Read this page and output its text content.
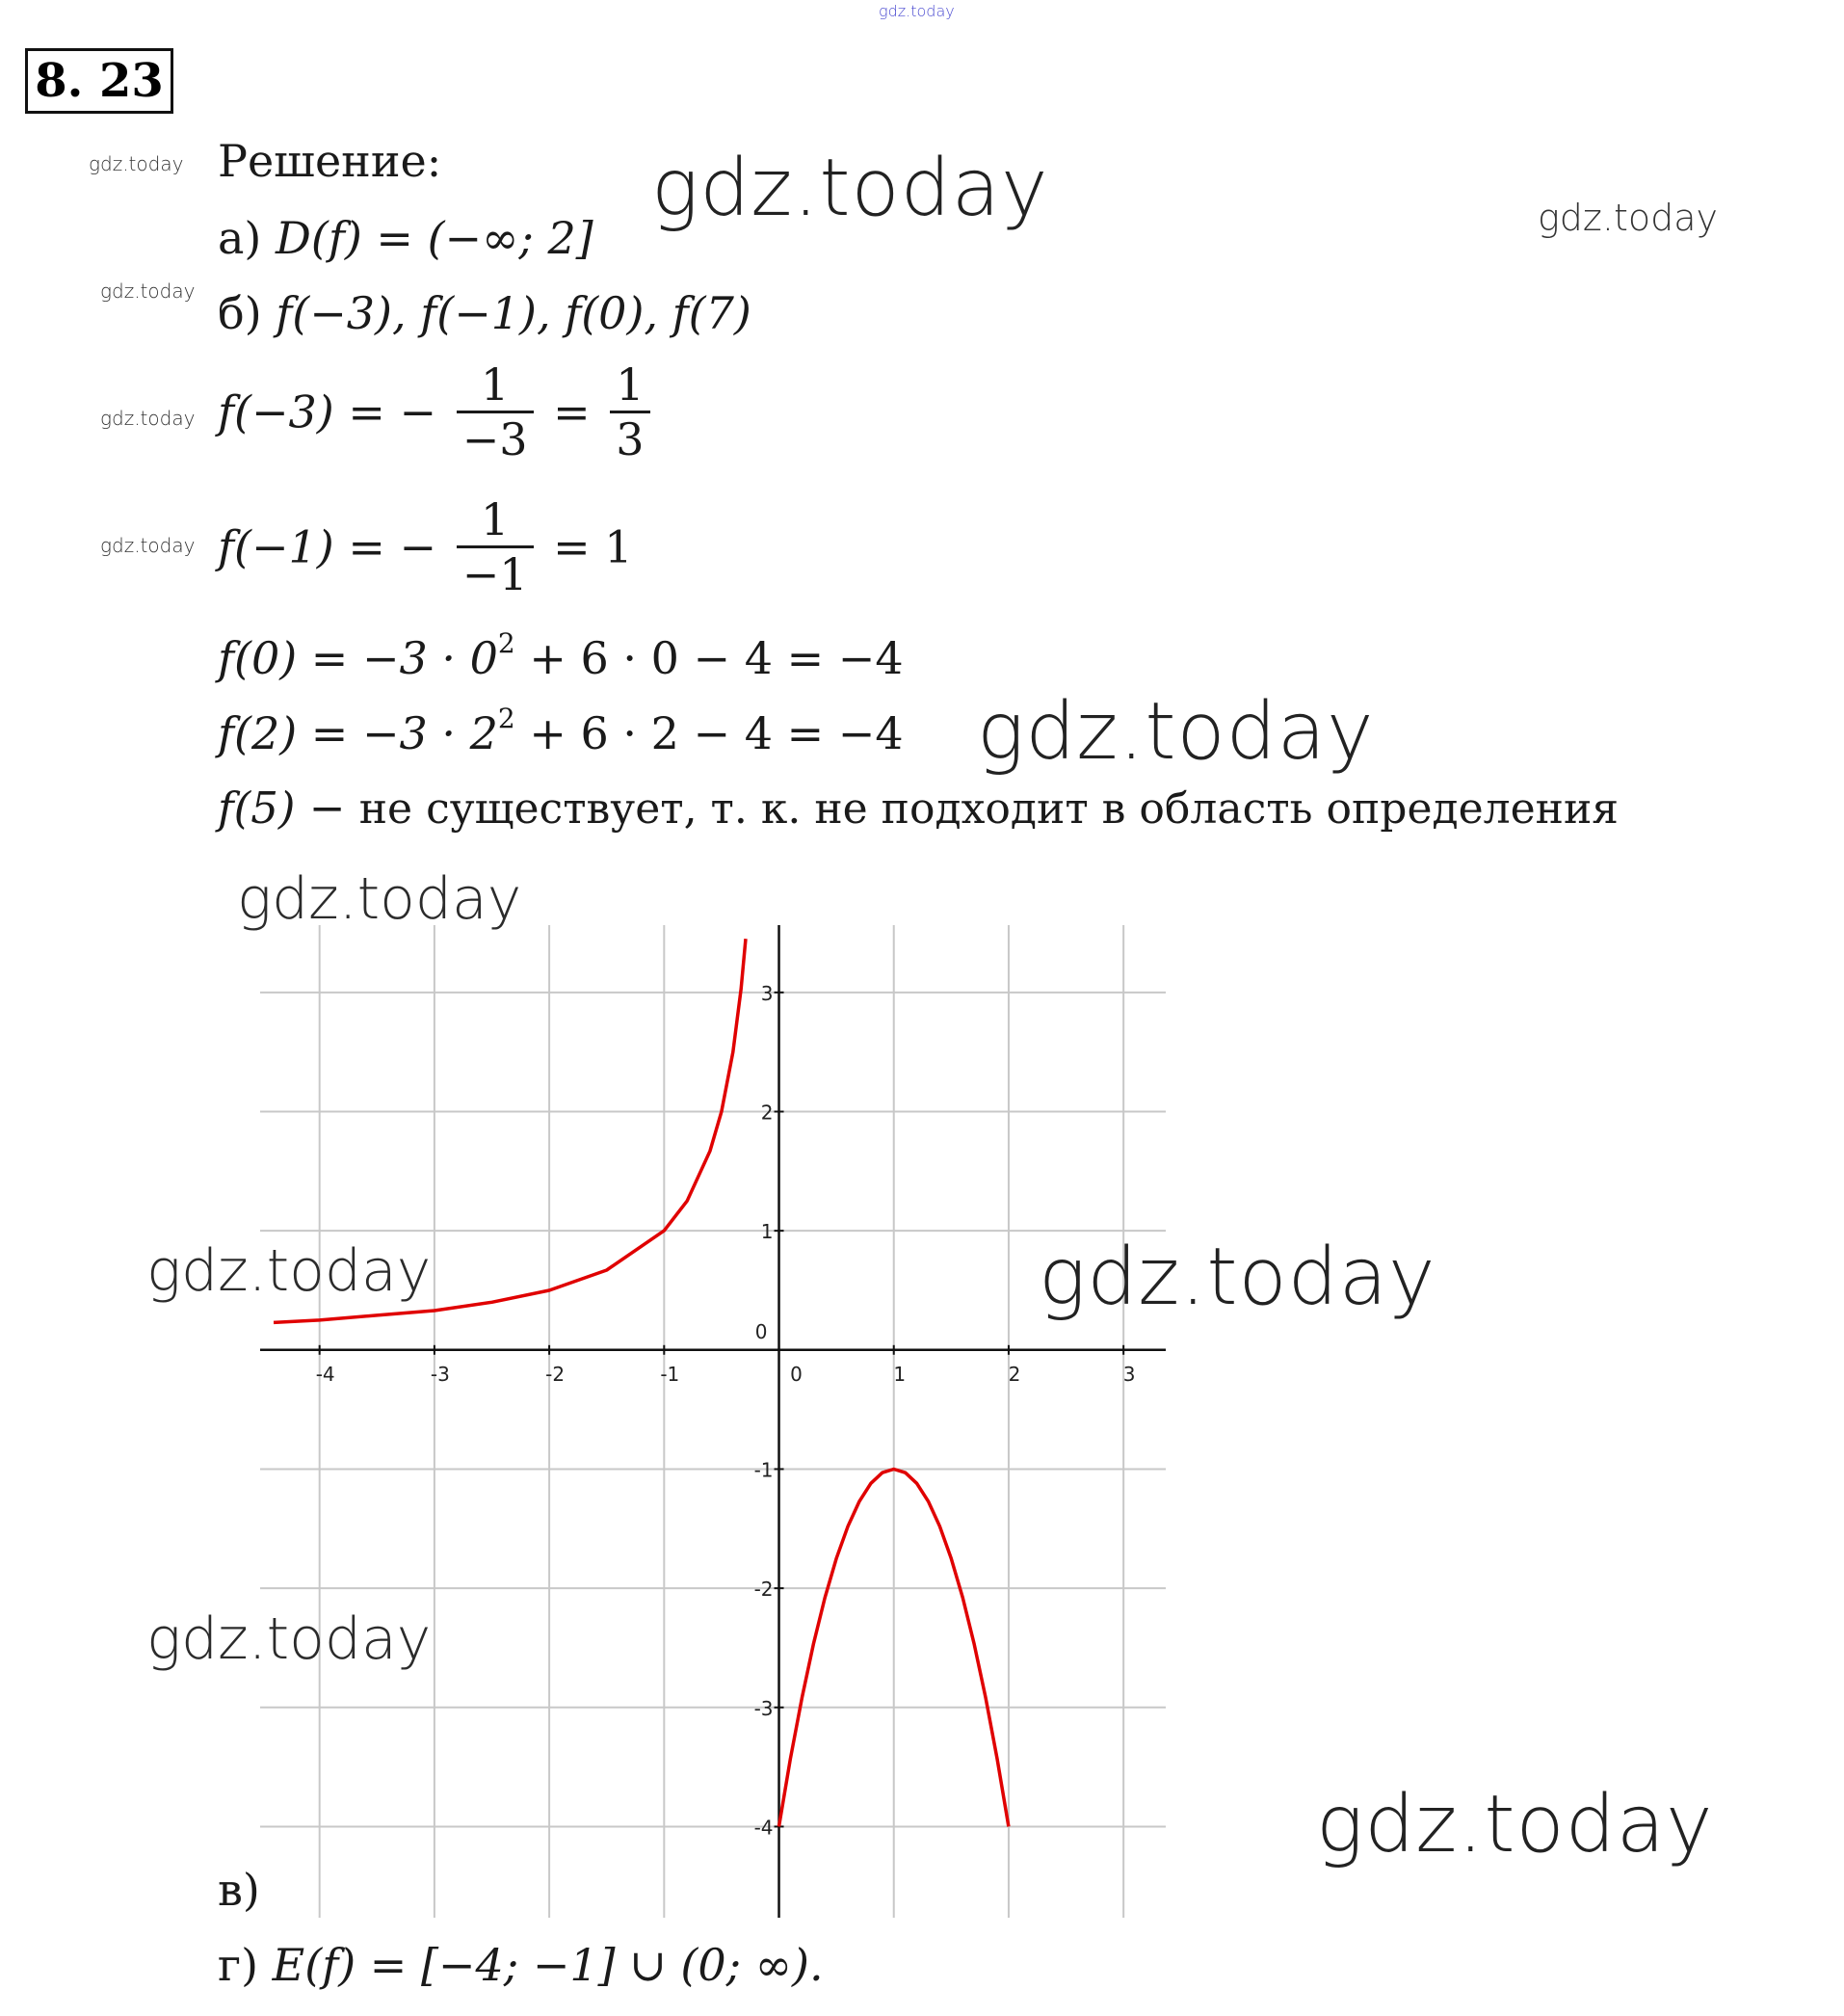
gdz.today
8. 23
gdz.today
gdz.today
gdz.today
gdz.today
gdz.today
Решение:
а) D(f) = (−∞; 2]
б) f(−3), f(−1), f(0), f(7)
f(−3) = − $\frac{1}{-3} = \frac{1}{3}$
f(−1) = − $\frac{1}{-1} = 1$
$f(0) = -3 \cdot 0^2 + 6 \cdot 0 - 4 = -4$
$f(2) = -3 \cdot 2^2 + 6 \cdot 2 - 4 = -4$
f(5) − не существует, т. к. не подходит в область определения
-4	-3	-2	-1	0	1	2	3
-4
-3
-2
-1
0
1
2
3
gdz.today
gdz.today
gdz.today
gdz.today	gdz.today
gdz.today
gdz.today
в)
г) E(f) = [−4; −1] ∪ (0; ∞).
